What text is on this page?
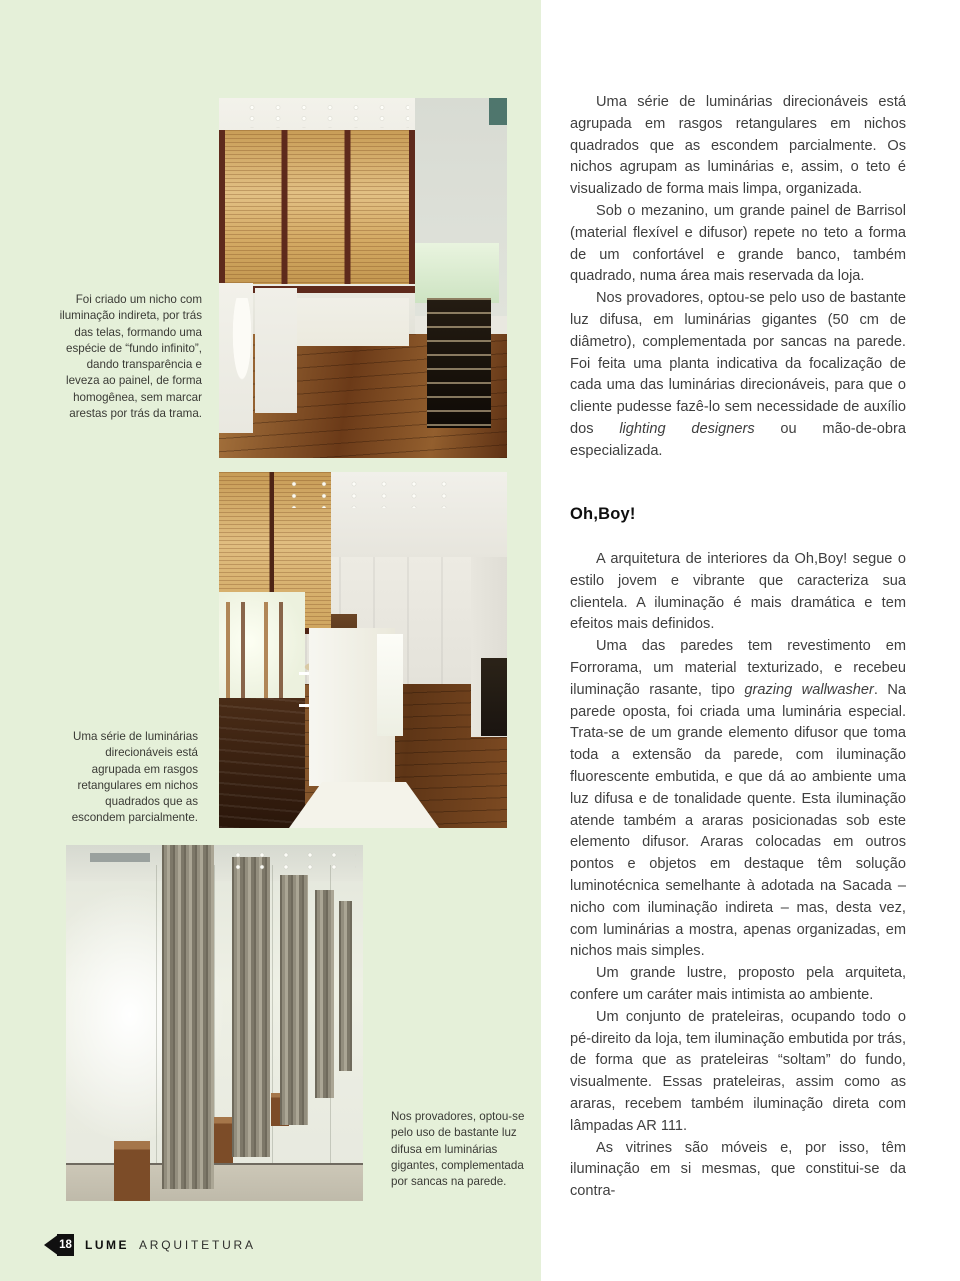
Foi criado um nicho com iluminação indireta, por trás das telas, formando uma espécie de “fundo infinito”, dando transparência e leveza ao painel, de forma homogênea, sem marcar arestas por trás da trama.
Uma série de luminárias direcionáveis está agrupada em rasgos retangulares em nichos quadrados que as escondem parcialmente.
Nos provadores, optou-se pelo uso de bastante luz difusa em luminárias gigantes, complementada por sancas na parede.

Uma série de luminárias direcionáveis está agrupada em rasgos retangulares em nichos quadrados que as escondem parcialmente. Os nichos agrupam as luminárias e, assim, o teto é visualizado de forma mais limpa, organizada.

Sob o mezanino, um grande painel de Barrisol (material flexível e difusor) repete no teto a forma de um confortável e grande banco, também quadrado, numa área mais reservada da loja.

Nos provadores, optou-se pelo uso de bastante luz difusa, em luminárias gigantes (50 cm de diâmetro), complementada por sancas na parede. Foi feita uma planta indicativa da focalização de cada uma das luminárias direcionáveis, para que o cliente pudesse fazê-lo sem necessidade de auxílio dos lighting designers ou mão-de-obra especializada.

Oh,Boy!

A arquitetura de interiores da Oh,Boy! segue o estilo jovem e vibrante que caracteriza sua clientela. A iluminação é mais dramática e tem efeitos mais definidos.

Uma das paredes tem revestimento em Forrorama, um material texturizado, e recebeu iluminação rasante, tipo grazing wallwasher. Na parede oposta, foi criada uma luminária especial. Trata-se de um grande elemento difusor que toma toda a extensão da parede, com iluminação fluorescente embutida, e que dá ao ambiente uma luz difusa e de tonalidade quente. Esta iluminação atende também a araras posicionadas sob este elemento difusor. Araras colocadas em outros pontos e objetos em destaque têm solução luminotécnica semelhante à adotada na Sacada – nicho com iluminação indireta – mas, desta vez, com luminárias a mostra, apenas organizadas, em nichos mais simples.

Um grande lustre, proposto pela arquiteta, confere um caráter mais intimista ao ambiente.

Um conjunto de prateleiras, ocupando todo o pé-direito da loja, tem iluminação embutida por trás, de forma que as prateleiras “soltam” do fundo, visualmente. Essas prateleiras, assim como as araras, recebem também iluminação direta com lâmpadas AR 111.

As vitrines são móveis e, por isso, têm iluminação em si mesmas, que constitui-se da contra-

18 LUME ARQUITETURA
